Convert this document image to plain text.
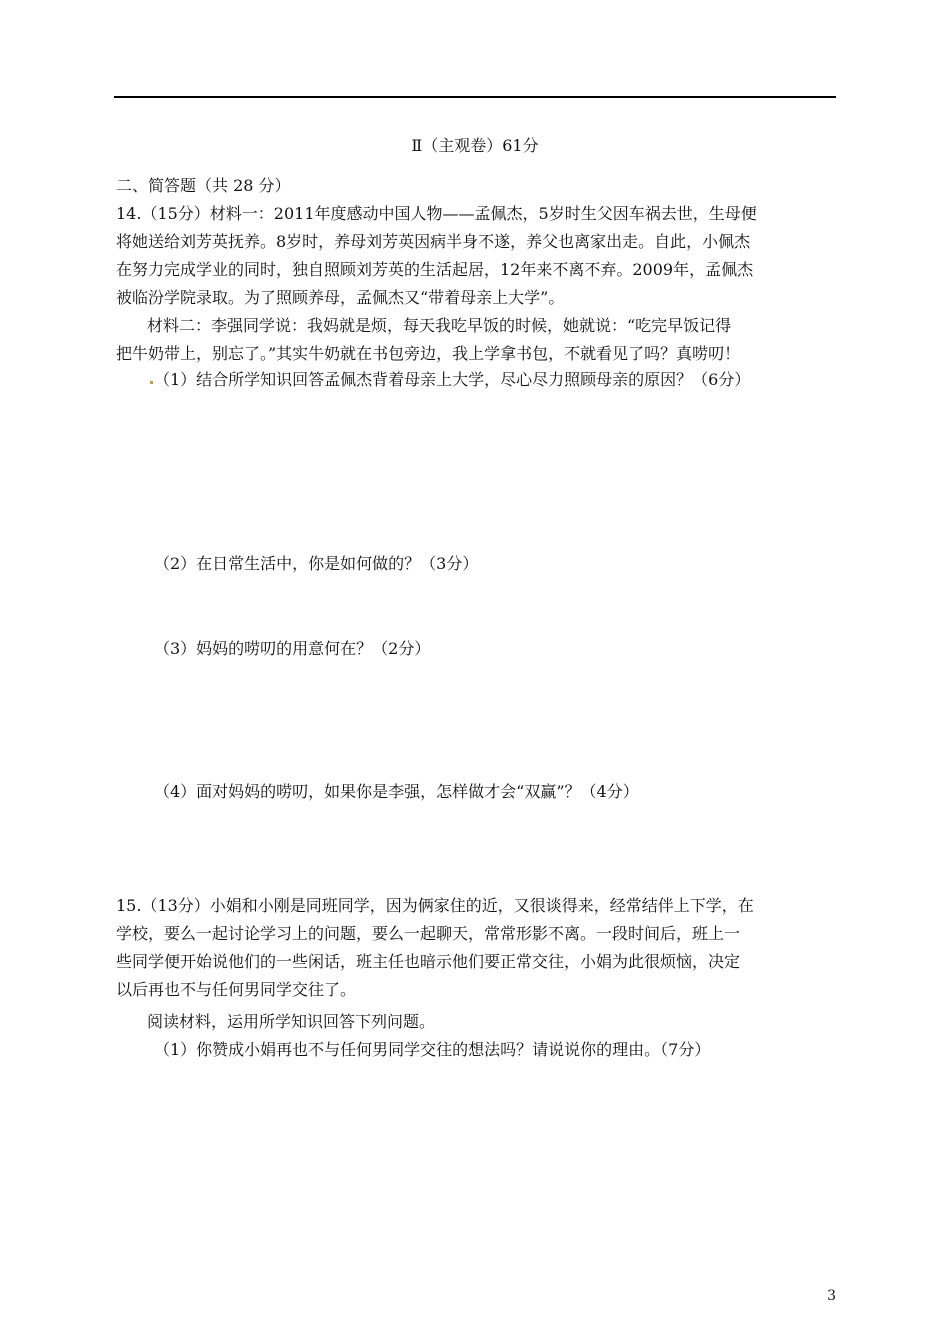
Ⅱ（主观卷）61分
二、简答题（共 28 分）
14.（15分）材料一：2011年度感动中国人物——孟佩杰，5岁时生父因车祸去世，生母便
将她送给刘芳英抚养。8岁时，养母刘芳英因病半身不遂，养父也离家出走。自此，小佩杰
在努力完成学业的同时，独自照顾刘芳英的生活起居，12年来不离不弃。2009年，孟佩杰
被临汾学院录取。为了照顾养母，孟佩杰又“带着母亲上大学”。
材料二：李强同学说：我妈就是烦，每天我吃早饭的时候，她就说：“吃完早饭记得
把牛奶带上，别忘了。”其实牛奶就在书包旁边，我上学拿书包，不就看见了吗？真唠叨！
（1）结合所学知识回答孟佩杰背着母亲上大学，尽心尽力照顾母亲的原因？（6分）
（2）在日常生活中，你是如何做的？（3分）
（3）妈妈的唠叨的用意何在？（2分）
（4）面对妈妈的唠叨，如果你是李强，怎样做才会“双赢”？（4分）
15.（13分）小娟和小刚是同班同学，因为俩家住的近，又很谈得来，经常结伴上下学，在
学校，要么一起讨论学习上的问题，要么一起聊天，常常形影不离。一段时间后，班上一
些同学便开始说他们的一些闲话，班主任也暗示他们要正常交往，小娟为此很烦恼，决定
以后再也不与任何男同学交往了。
阅读材料，运用所学知识回答下列问题。
（1）你赞成小娟再也不与任何男同学交往的想法吗？请说说你的理由。（7分）
3
